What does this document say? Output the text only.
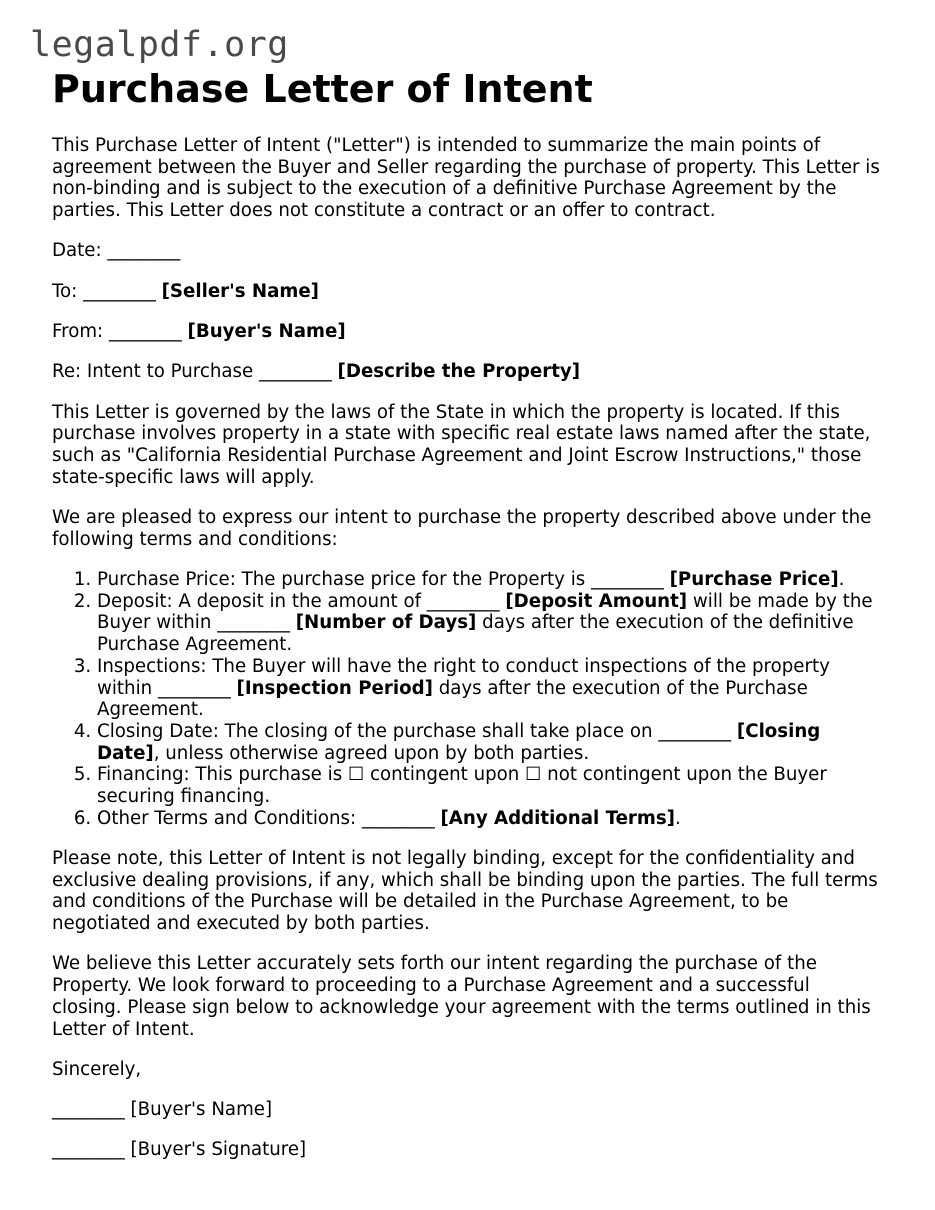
legalpdf.org
Purchase Letter of Intent

This Purchase Letter of Intent ("Letter") is intended to summarize the main points of agreement between the Buyer and Seller regarding the purchase of property. This Letter is non-binding and is subject to the execution of a definitive Purchase Agreement by the parties. This Letter does not constitute a contract or an offer to contract.

Date: ________

To: ________ [Seller's Name]

From: ________ [Buyer's Name]

Re: Intent to Purchase ________ [Describe the Property]

This Letter is governed by the laws of the State in which the property is located. If this purchase involves property in a state with specific real estate laws named after the state, such as "California Residential Purchase Agreement and Joint Escrow Instructions," those state-specific laws will apply.

We are pleased to express our intent to purchase the property described above under the following terms and conditions:

1. Purchase Price: The purchase price for the Property is ________ [Purchase Price].
2. Deposit: A deposit in the amount of ________ [Deposit Amount] will be made by the Buyer within ________ [Number of Days] days after the execution of the definitive Purchase Agreement.
3. Inspections: The Buyer will have the right to conduct inspections of the property within ________ [Inspection Period] days after the execution of the Purchase Agreement.
4. Closing Date: The closing of the purchase shall take place on ________ [Closing Date], unless otherwise agreed upon by both parties.
5. Financing: This purchase is ☐ contingent upon ☐ not contingent upon the Buyer securing financing.
6. Other Terms and Conditions: ________ [Any Additional Terms].

Please note, this Letter of Intent is not legally binding, except for the confidentiality and exclusive dealing provisions, if any, which shall be binding upon the parties. The full terms and conditions of the Purchase will be detailed in the Purchase Agreement, to be negotiated and executed by both parties.

We believe this Letter accurately sets forth our intent regarding the purchase of the Property. We look forward to proceeding to a Purchase Agreement and a successful closing. Please sign below to acknowledge your agreement with the terms outlined in this Letter of Intent.

Sincerely,

________ [Buyer's Name]

________ [Buyer's Signature]
